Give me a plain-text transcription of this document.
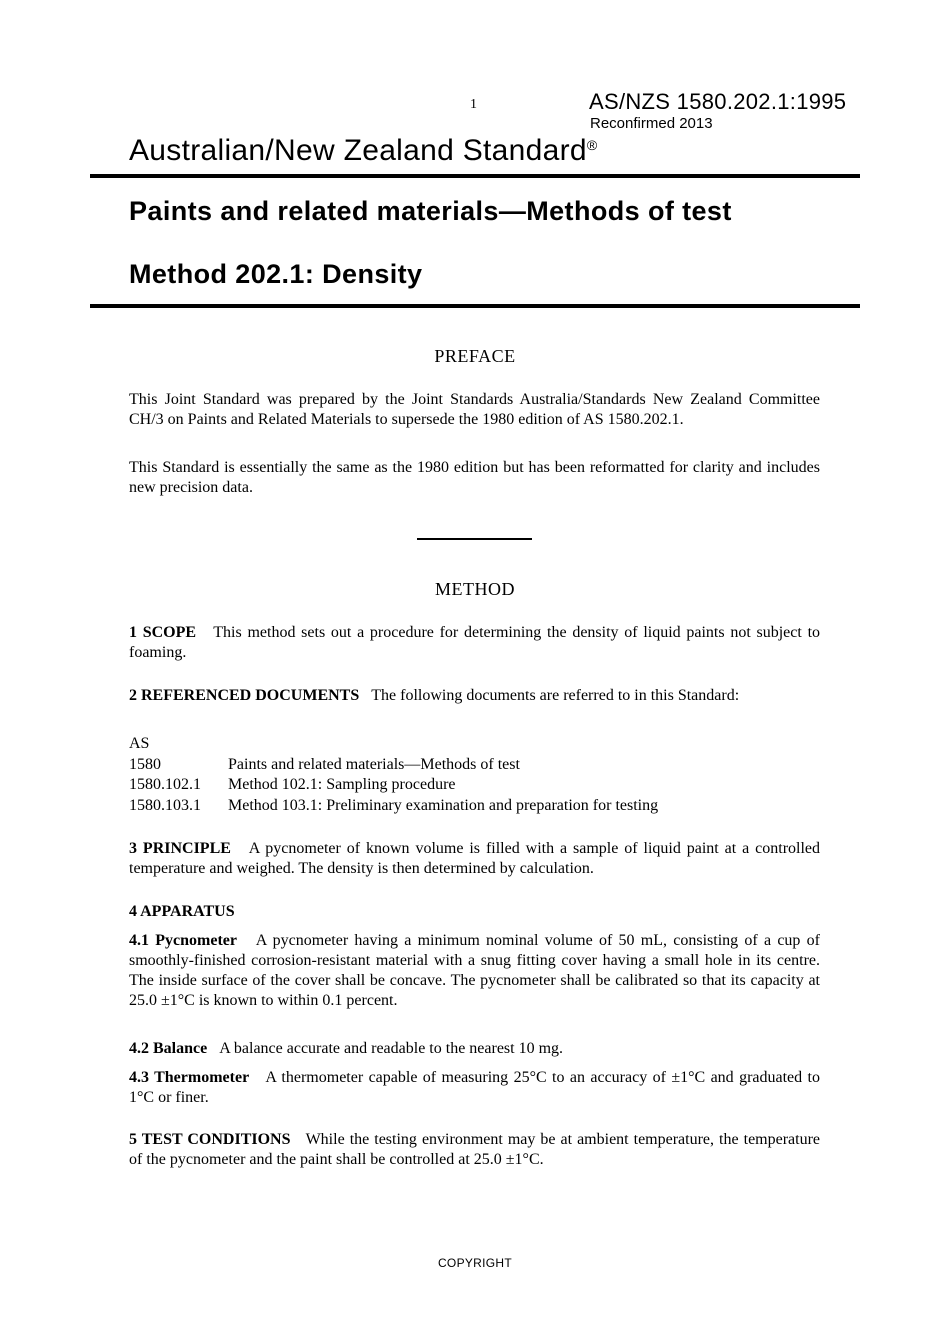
1	AS/NZS 1580.202.1:1995
Reconfirmed 2013
Australian/New Zealand Standard®
Paints and related materials—Methods of test
Method 202.1: Density
PREFACE
This Joint Standard was prepared by the Joint Standards Australia/Standards New Zealand Committee CH/3 on Paints and Related Materials to supersede the 1980 edition of AS 1580.202.1.
This Standard is essentially the same as the 1980 edition but has been reformatted for clarity and includes new precision data.
METHOD
1 SCOPE This method sets out a procedure for determining the density of liquid paints not subject to foaming.
2 REFERENCED DOCUMENTS The following documents are referred to in this Standard:
AS
1580	Paints and related materials—Methods of test
1580.102.1	Method 102.1: Sampling procedure
1580.103.1	Method 103.1: Preliminary examination and preparation for testing
3 PRINCIPLE A pycnometer of known volume is filled with a sample of liquid paint at a controlled temperature and weighed. The density is then determined by calculation.
4 APPARATUS
4.1 Pycnometer A pycnometer having a minimum nominal volume of 50 mL, consisting of a cup of smoothly-finished corrosion-resistant material with a snug fitting cover having a small hole in its centre. The inside surface of the cover shall be concave. The pycnometer shall be calibrated so that its capacity at 25.0 ±1°C is known to within 0.1 percent.
4.2 Balance A balance accurate and readable to the nearest 10 mg.
4.3 Thermometer A thermometer capable of measuring 25°C to an accuracy of ±1°C and graduated to 1°C or finer.
5 TEST CONDITIONS While the testing environment may be at ambient temperature, the temperature of the pycnometer and the paint shall be controlled at 25.0 ±1°C.
COPYRIGHT
